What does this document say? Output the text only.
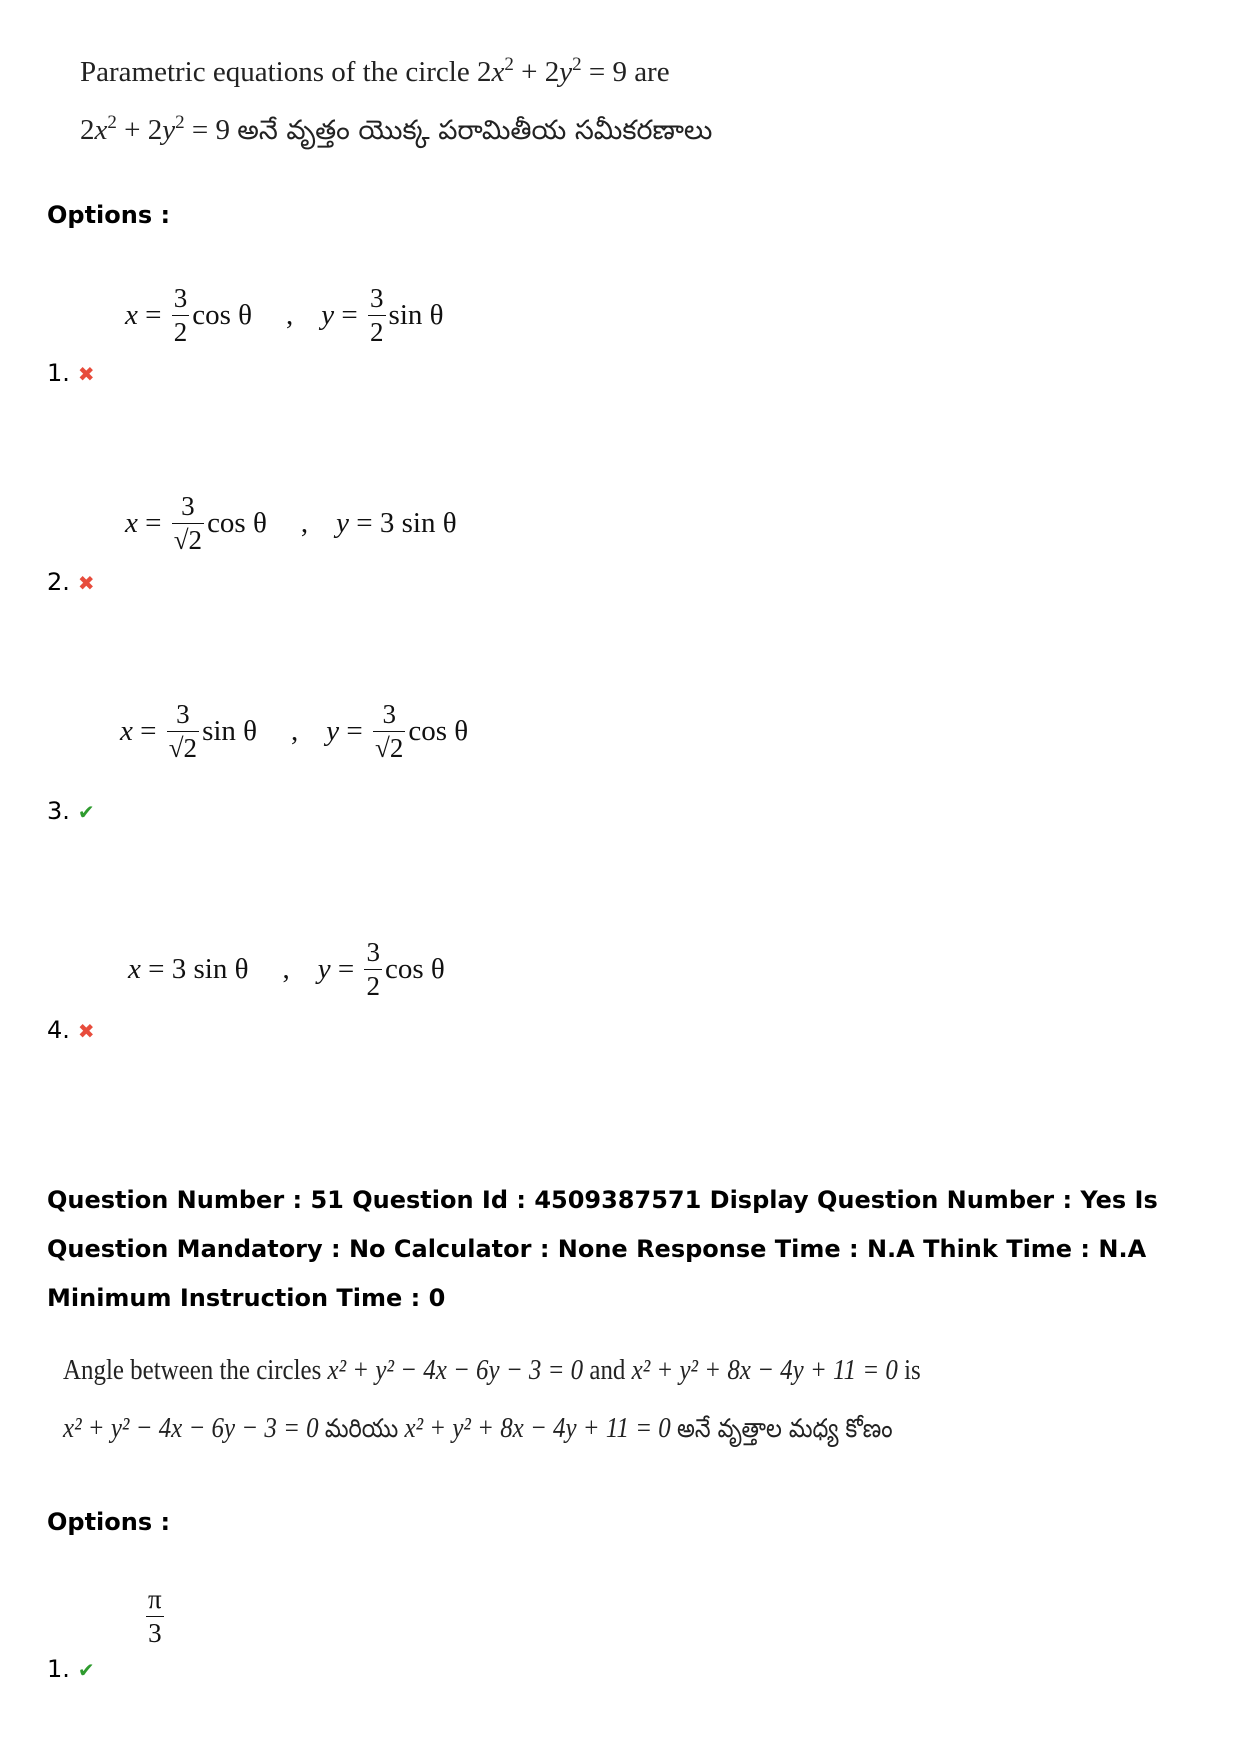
Parametric equations of the circle $2x^2 + 2y^2 = 9$ are
$2x^2 + 2y^2 = 9$ అనే వృత్తం యొక్క పరామితీయ సమీకరణాలు
Options :
$x = \frac{3}{2}$ cos θ , $y = \frac{3}{2}$ sin θ
1. ✖
$x = \frac{3}{√2}$ cos θ , y = 3 sin θ
2. ✖
$x = \frac{3}{√2}$ sin θ , $y = \frac{3}{√2}$ cos θ
3. ✔
x = 3 sin θ , $y = \frac{3}{2}$ cos θ
4. ✖
Question Number : 51 Question Id : 4509387571 Display Question Number : Yes Is Question Mandatory : No Calculator : None Response Time : N.A Think Time : N.A Minimum Instruction Time : 0
Angle between the circles x² + y² − 4x − 6y − 3 = 0 and x² + y² + 8x − 4y + 11 = 0 is
x² + y² − 4x − 6y − 3 = 0 మరియు x² + y² + 8x − 4y + 11 = 0 అనే వృత్తాల మధ్య కోణం
Options :
$\frac{\pi}{3}$
1. ✔
